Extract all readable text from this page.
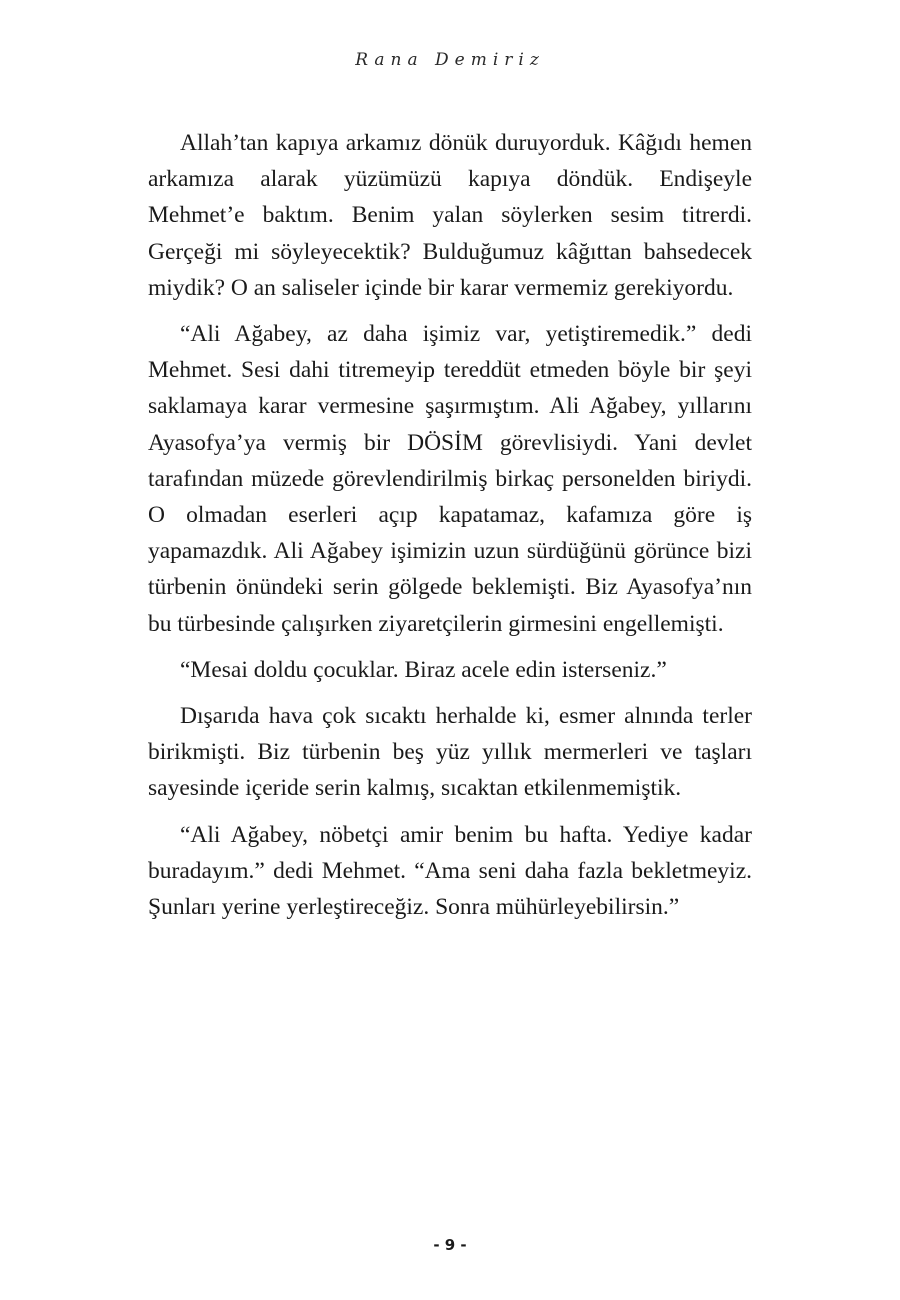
Rana Demiriz

Allah’tan kapıya arkamız dönük duruyorduk. Kâğıdı hemen arkamıza alarak yüzümüzü kapıya döndük. Endişeyle Mehmet’e baktım. Benim yalan söylerken sesim titrerdi. Gerçeği mi söyleyecektik? Bulduğumuz kâğıttan bahsedecek miydik? O an saliseler içinde bir karar vermemiz gerekiyordu.

“Ali Ağabey, az daha işimiz var, yetiştiremedik.” dedi Mehmet. Sesi dahi titremeyip tereddüt etmeden böyle bir şeyi saklamaya karar vermesine şaşırmıştım. Ali Ağabey, yıllarını Ayasofya’ya vermiş bir DÖSİM görevlisiydi. Yani devlet tarafından müzede görevlendirilmiş birkaç personelden biriydi. O olmadan eserleri açıp kapatamaz, kafamıza göre iş yapamazdık. Ali Ağabey işimizin uzun sürdüğünü görünce bizi türbenin önündeki serin gölgede beklemişti. Biz Ayasofya’nın bu türbesinde çalışırken ziyaretçilerin girmesini engellemişti.

“Mesai doldu çocuklar. Biraz acele edin isterseniz.”

Dışarıda hava çok sıcaktı herhalde ki, esmer alnında terler birikmişti. Biz türbenin beş yüz yıllık mermerleri ve taşları sayesinde içeride serin kalmış, sıcaktan etkilenmemiştik.

“Ali Ağabey, nöbetçi amir benim bu hafta. Yediye kadar buradayım.” dedi Mehmet. “Ama seni daha fazla bekletmeyiz. Şunları yerine yerleştireceğiz. Sonra mühürleyebilirsin.”

- 9 -
